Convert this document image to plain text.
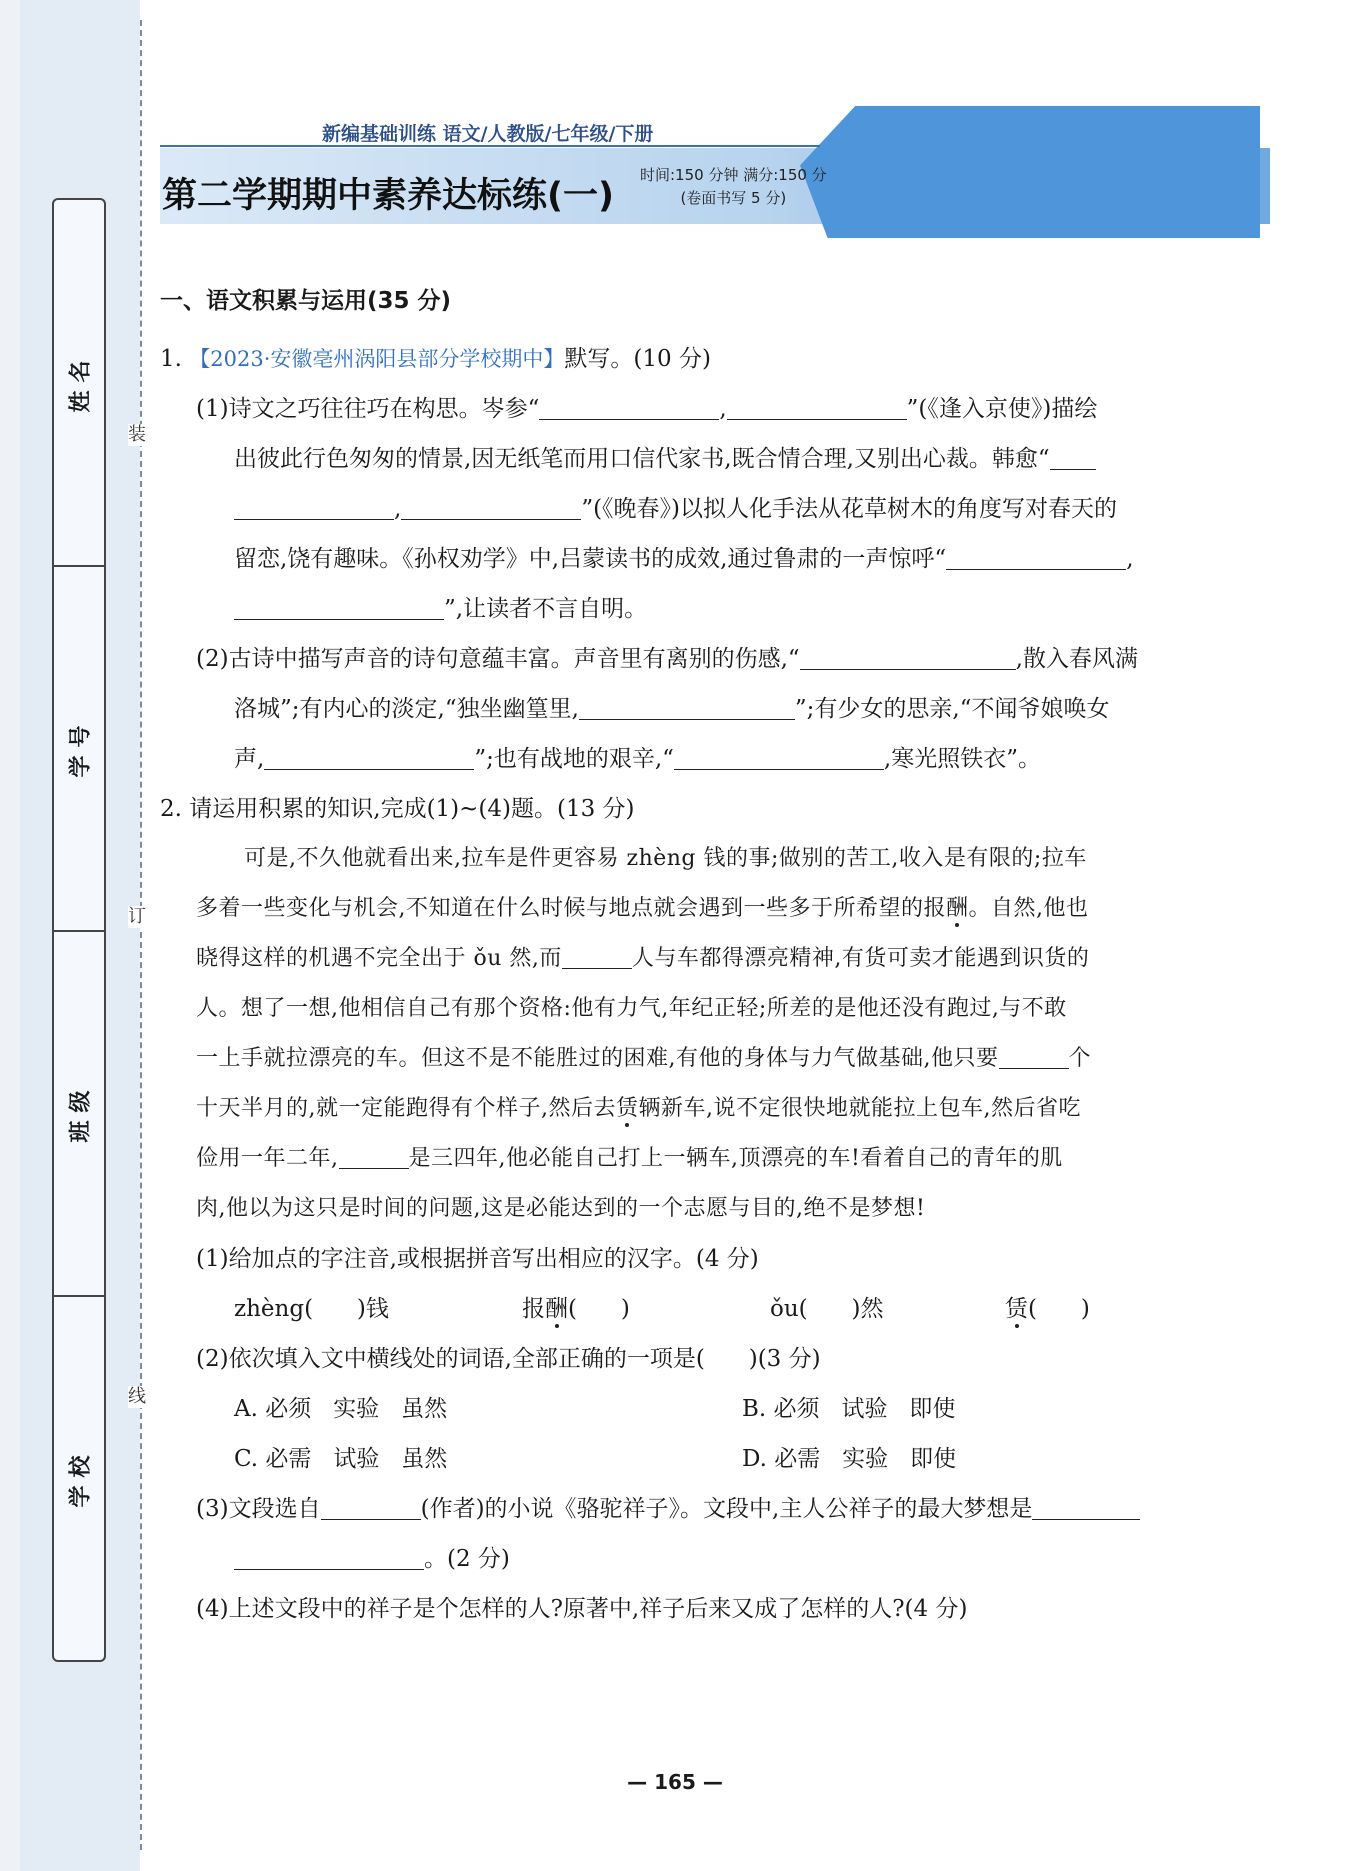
装
订
线
姓名
学号
班级
学校
新编基础训练 语文/人教版/七年级/下册
第二学期期中素养达标练(一)
时间:150 分钟 满分:150 分
(卷面书写 5 分)
一、语文积累与运用(35 分)
1. 【2023·安徽亳州涡阳县部分学校期中】默写。(10 分)
(1)诗文之巧往往巧在构思。岑参“	,	”(《逢入京使》)描绘
出彼此行色匆匆的情景,因无纸笔而用口信代家书,既合情合理,又别出心裁。韩愈“
,	”(《晚春》)以拟人化手法从花草树木的角度写对春天的
留恋,饶有趣味。《孙权劝学》中,吕蒙读书的成效,通过鲁肃的一声惊呼“	,
”,让读者不言自明。
(2)古诗中描写声音的诗句意蕴丰富。声音里有离别的伤感,“	,散入春风满
洛城”;有内心的淡定,“独坐幽篁里,	”;有少女的思亲,“不闻爷娘唤女
声,	”;也有战地的艰辛,“	,寒光照铁衣”。
2. 请运用积累的知识,完成(1)~(4)题。(13 分)
可是,不久他就看出来,拉车是件更容易 zhèng 钱的事;做别的苦工,收入是有限的;拉车
多着一些变化与机会,不知道在什么时候与地点就会遇到一些多于所希望的报酬。自然,他也
晓得这样的机遇不完全出于 ǒu 然,而	人与车都得漂亮精神,有货可卖才能遇到识货的
人。想了一想,他相信自己有那个资格:他有力气,年纪正轻;所差的是他还没有跑过,与不敢
一上手就拉漂亮的车。但这不是不能胜过的困难,有他的身体与力气做基础,他只要	个
十天半月的,就一定能跑得有个样子,然后去赁辆新车,说不定很快地就能拉上包车,然后省吃
俭用一年二年,	是三四年,他必能自己打上一辆车,顶漂亮的车!看着自己的青年的肌
肉,他以为这只是时间的问题,这是必能达到的一个志愿与目的,绝不是梦想!
(1)给加点的字注音,或根据拼音写出相应的汉字。(4 分)
zhèng(      )钱	报酬(      )	ǒu(      )然	赁(      )
(2)依次填入文中横线处的词语,全部正确的一项是(      )(3 分)
A. 必须   实验   虽然	B. 必须   试验   即使
C. 必需   试验   虽然	D. 必需   实验   即使
(3)文段选自	(作者)的小说《骆驼祥子》。文段中,主人公祥子的最大梦想是
。(2 分)
(4)上述文段中的祥子是个怎样的人?原著中,祥子后来又成了怎样的人?(4 分)
— 165 —
